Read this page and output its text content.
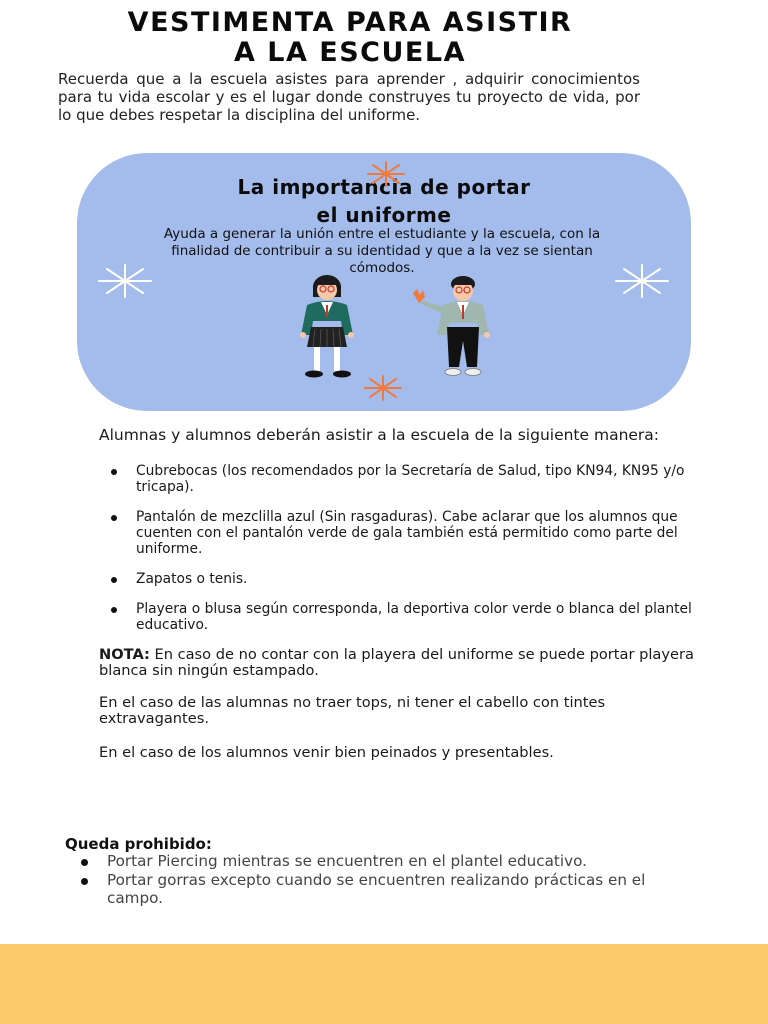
VESTIMENTA PARA ASISTIR
A LA ESCUELA

Recuerda que a la escuela asistes para aprender , adquirir conocimientos para tu vida escolar y es el lugar donde construyes tu proyecto de vida, por lo que debes respetar la disciplina del uniforme.

La importancia de portar
el uniforme

Ayuda a generar la unión entre el estudiante y la escuela, con la finalidad de contribuir a su identidad y que a la vez se sientan cómodos.

Alumnas y alumnos deberán asistir a la escuela de la siguiente manera:

Cubrebocas (los recomendados por la Secretaría de Salud, tipo KN94, KN95 y/o tricapa).
Pantalón de mezclilla azul (Sin rasgaduras). Cabe aclarar que los alumnos que cuenten con el pantalón verde de gala también está permitido como parte del uniforme.
Zapatos o tenis.
Playera o blusa según corresponda, la deportiva color verde o blanca del plantel educativo.

NOTA: En caso de no contar con la playera del uniforme se puede portar playera blanca sin ningún estampado.

En el caso de las alumnas no traer tops, ni tener el cabello con tintes extravagantes.

En el caso de los alumnos venir bien peinados y presentables.

Queda prohibido:
Portar Piercing mientras se encuentren en el plantel educativo.
Portar gorras excepto cuando se encuentren realizando prácticas en el campo.
